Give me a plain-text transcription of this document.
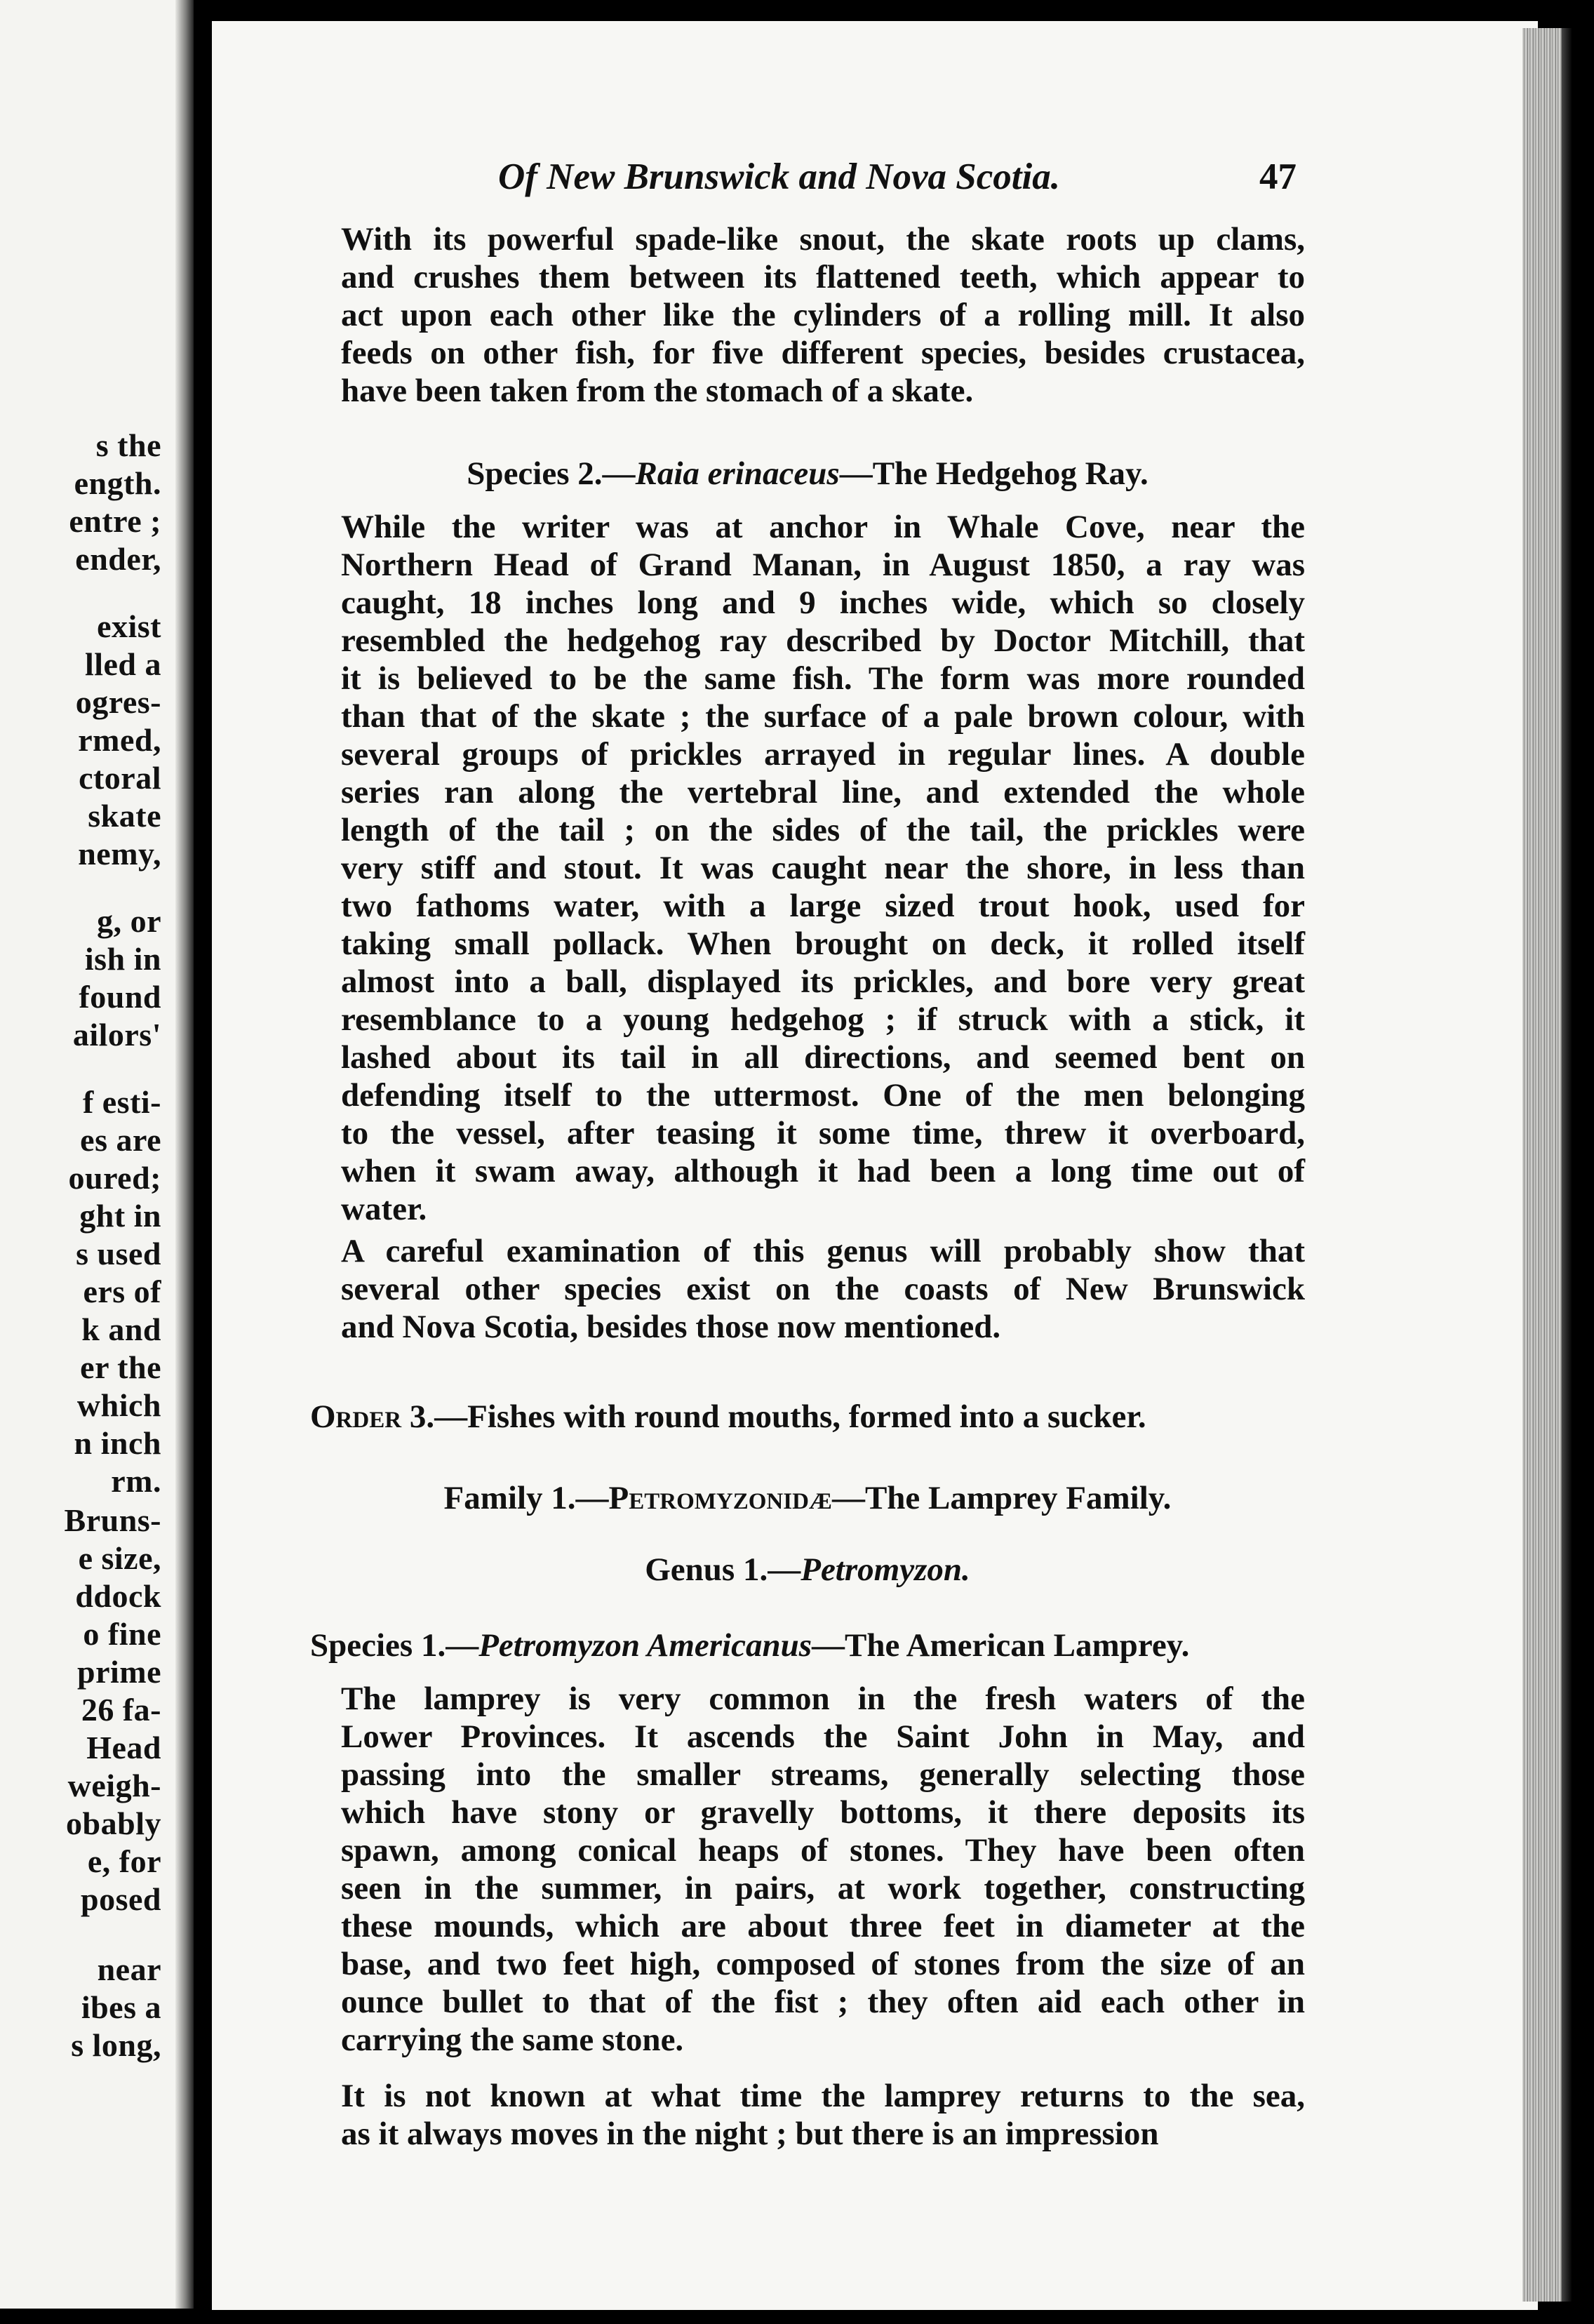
s the
ength.
entre ;
ender,
exist
lled a
ogres-
rmed,
ctoral
skate
nemy,
g, or
ish in
found
ailors'
f esti-
es are
oured;
ght in
s used
ers of
k and
er the
which
n inch
rm.
Bruns-
e size,
ddock
o fine
prime
26 fa-
Head
weigh-
obably
e, for
posed
near
ibes a
s long,
Of New Brunswick and Nova Scotia.	47
With its powerful spade-like snout, the skate roots up clams,
and crushes them between its flattened teeth, which appear to
act upon each other like the cylinders of a rolling mill. It also
feeds on other fish, for five different species, besides crustacea,
have been taken from the stomach of a skate.
Species 2.—Raia erinaceus—The Hedgehog Ray.
While the writer was at anchor in Whale Cove, near the
Northern Head of Grand Manan, in August 1850, a ray was
caught, 18 inches long and 9 inches wide, which so closely
resembled the hedgehog ray described by Doctor Mitchill, that
it is believed to be the same fish. The form was more rounded
than that of the skate ; the surface of a pale brown colour, with
several groups of prickles arrayed in regular lines. A double
series ran along the vertebral line, and extended the whole
length of the tail ; on the sides of the tail, the prickles were
very stiff and stout. It was caught near the shore, in less than
two fathoms water, with a large sized trout hook, used for
taking small pollack. When brought on deck, it rolled itself
almost into a ball, displayed its prickles, and bore very great
resemblance to a young hedgehog ; if struck with a stick, it
lashed about its tail in all directions, and seemed bent on
defending itself to the uttermost. One of the men belonging
to the vessel, after teasing it some time, threw it overboard,
when it swam away, although it had been a long time out of
water.
A careful examination of this genus will probably show that
several other species exist on the coasts of New Brunswick
and Nova Scotia, besides those now mentioned.
Order 3.—Fishes with round mouths, formed into a sucker.
Family 1.—Petromyzonidæ—The Lamprey Family.
Genus 1.—Petromyzon.
Species 1.—Petromyzon Americanus—The American Lamprey.
The lamprey is very common in the fresh waters of the
Lower Provinces. It ascends the Saint John in May, and
passing into the smaller streams, generally selecting those
which have stony or gravelly bottoms, it there deposits its
spawn, among conical heaps of stones. They have been often
seen in the summer, in pairs, at work together, constructing
these mounds, which are about three feet in diameter at the
base, and two feet high, composed of stones from the size of an
ounce bullet to that of the fist ; they often aid each other in
carrying the same stone.
It is not known at what time the lamprey returns to the sea,
as it always moves in the night ; but there is an impression
